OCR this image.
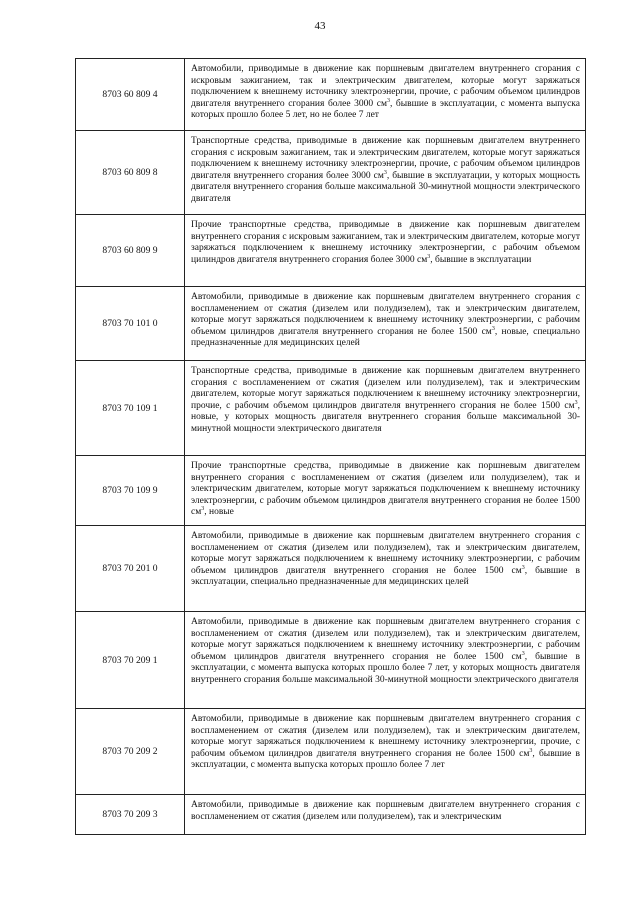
43
8703 60 809 4	Автомобили, приводимые в движение как поршневым двигателем внутреннего сгорания с искровым зажиганием, так и электрическим двигателем, которые могут заряжаться подключением к внешнему источнику электроэнергии, прочие, с рабочим объемом цилиндров двигателя внутреннего сгорания более 3000 $см^3$, бывшие в эксплуатации, с момента выпуска которых прошло более 5 лет, но не более 7 лет
8703 60 809 8	Транспортные средства, приводимые в движение как поршневым двигателем внутреннего сгорания с искровым зажиганием, так и электрическим двигателем, которые могут заряжаться подключением к внешнему источнику электроэнергии, прочие, с рабочим объемом цилиндров двигателя внутреннего сгорания более 3000 $см^3$, бывшие в эксплуатации, у которых мощность двигателя внутреннего сгорания больше максимальной 30-минутной мощности электрического двигателя
8703 60 809 9	Прочие транспортные средства, приводимые в движение как поршневым двигателем внутреннего сгорания с искровым зажиганием, так и электрическим двигателем, которые могут заряжаться подключением к внешнему источнику электроэнергии, с рабочим объемом цилиндров двигателя внутреннего сгорания более 3000 $см^3$, бывшие в эксплуатации
8703 70 101 0	Автомобили, приводимые в движение как поршневым двигателем внутреннего сгорания с воспламенением от сжатия (дизелем или полудизелем), так и электрическим двигателем, которые могут заряжаться подключением к внешнему источнику электроэнергии, с рабочим объемом цилиндров двигателя внутреннего сгорания не более 1500 $см^3$, новые, специально предназначенные для медицинских целей
8703 70 109 1	Транспортные средства, приводимые в движение как поршневым двигателем внутреннего сгорания с воспламенением от сжатия (дизелем или полудизелем), так и электрическим двигателем, которые могут заряжаться подключением к внешнему источнику электроэнергии, прочие, с рабочим объемом цилиндров двигателя внутреннего сгорания не более 1500 $см^3$, новые, у которых мощность двигателя внутреннего сгорания больше максимальной 30-минутной мощности электрического двигателя
8703 70 109 9	Прочие транспортные средства, приводимые в движение как поршневым двигателем внутреннего сгорания с воспламенением от сжатия (дизелем или полудизелем), так и электрическим двигателем, которые могут заряжаться подключением к внешнему источнику электроэнергии, с рабочим объемом цилиндров двигателя внутреннего сгорания не более 1500 $см^3$, новые
8703 70 201 0	Автомобили, приводимые в движение как поршневым двигателем внутреннего сгорания с воспламенением от сжатия (дизелем или полудизелем), так и электрическим двигателем, которые могут заряжаться подключением к внешнему источнику электроэнергии, с рабочим объемом цилиндров двигателя внутреннего сгорания не более 1500 $см^3$, бывшие в эксплуатации, специально предназначенные для медицинских целей
8703 70 209 1	Автомобили, приводимые в движение как поршневым двигателем внутреннего сгорания с воспламенением от сжатия (дизелем или полудизелем), так и электрическим двигателем, которые могут заряжаться подключением к внешнему источнику электроэнергии, с рабочим объемом цилиндров двигателя внутреннего сгорания не более 1500 $см^3$, бывшие в эксплуатации, с момента выпуска которых прошло более 7 лет, у которых мощность двигателя внутреннего сгорания больше максимальной 30-минутной мощности электрического двигателя
8703 70 209 2	Автомобили, приводимые в движение как поршневым двигателем внутреннего сгорания с воспламенением от сжатия (дизелем или полудизелем), так и электрическим двигателем, которые могут заряжаться подключением к внешнему источнику электроэнергии, прочие, с рабочим объемом цилиндров двигателя внутреннего сгорания не более 1500 $см^3$, бывшие в эксплуатации, с момента выпуска которых прошло более 7 лет
8703 70 209 3	Автомобили, приводимые в движение как поршневым двигателем внутреннего сгорания с воспламенением от сжатия (дизелем или полудизелем), так и электрическим
